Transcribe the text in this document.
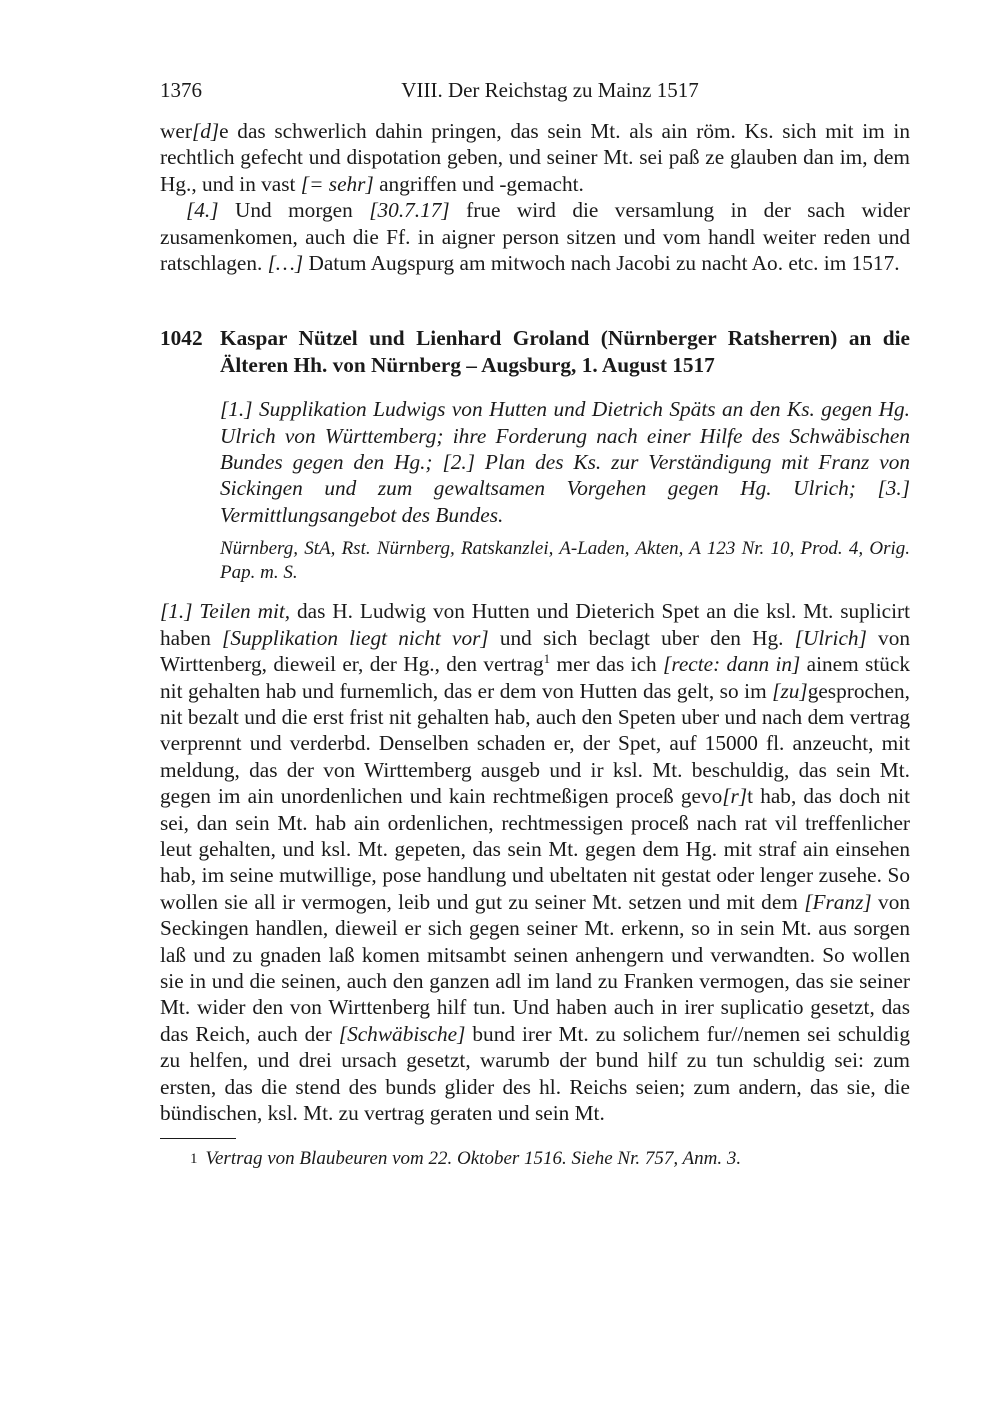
1376	VIII. Der Reichstag zu Mainz 1517

wer[d]e das schwerlich dahin pringen, das sein Mt. als ain röm. Ks. sich mit im in rechtlich gefecht und dispotation geben, und seiner Mt. sei paß ze glauben dan im, dem Hg., und in vast [= sehr] angriffen und -gemacht.

[4.] Und morgen [30.7.17] frue wird die versamlung in der sach wider zusamenkomen, auch die Ff. in aigner person sitzen und vom handl weiter reden und ratschlagen. […] Datum Augspurg am mitwoch nach Jacobi zu nacht Ao. etc. im 1517.

1042 Kaspar Nützel und Lienhard Groland (Nürnberger Ratsherren) an die Älteren Hh. von Nürnberg – Augsburg, 1. August 1517

[1.] Supplikation Ludwigs von Hutten und Dietrich Späts an den Ks. gegen Hg. Ulrich von Württemberg; ihre Forderung nach einer Hilfe des Schwäbischen Bundes gegen den Hg.; [2.] Plan des Ks. zur Verständigung mit Franz von Sickingen und zum gewaltsamen Vorgehen gegen Hg. Ulrich; [3.] Vermittlungsangebot des Bundes.

Nürnberg, StA, Rst. Nürnberg, Ratskanzlei, A-Laden, Akten, A 123 Nr. 10, Prod. 4, Orig. Pap. m. S.

[1.] Teilen mit, das H. Ludwig von Hutten und Dieterich Spet an die ksl. Mt. suplicirt haben [Supplikation liegt nicht vor] und sich beclagt uber den Hg. [Ulrich] von Wirttenberg, dieweil er, der Hg., den vertrag$^1$ mer das ich [recte: dann in] ainem stück nit gehalten hab und furnemlich, das er dem von Hutten das gelt, so im [zu]gesprochen, nit bezalt und die erst frist nit gehalten hab, auch den Speten uber und nach dem vertrag verprennt und verderbd. Denselben schaden er, der Spet, auf 15000 fl. anzeucht, mit meldung, das der von Wirttemberg ausgeb und ir ksl. Mt. beschuldig, das sein Mt. gegen im ain unordenlichen und kain rechtmeßigen proceß gevo[r]t hab, das doch nit sei, dan sein Mt. hab ain ordenlichen, rechtmessigen proceß nach rat vil treffenlicher leut gehalten, und ksl. Mt. gepeten, das sein Mt. gegen dem Hg. mit straf ain einsehen hab, im seine mutwillige, pose handlung und ubeltaten nit gestat oder lenger zusehe. So wollen sie all ir vermogen, leib und gut zu seiner Mt. setzen und mit dem [Franz] von Seckingen handlen, dieweil er sich gegen seiner Mt. erkenn, so in sein Mt. aus sorgen laß und zu gnaden laß komen mitsambt seinen anhengern und verwandten. So wollen sie in und die seinen, auch den ganzen adl im land zu Franken vermogen, das sie seiner Mt. wider den von Wirttenberg hilf tun. Und haben auch in irer suplicatio gesetzt, das das Reich, auch der [Schwäbische] bund irer Mt. zu solichem fur//nemen sei schuldig zu helfen, und drei ursach gesetzt, warumb der bund hilf zu tun schuldig sei: zum ersten, das die stend des bunds glider des hl. Reichs seien; zum andern, das sie, die bündischen, ksl. Mt. zu vertrag geraten und sein Mt.

$^1$ Vertrag von Blaubeuren vom 22. Oktober 1516. Siehe Nr. 757, Anm. 3.
